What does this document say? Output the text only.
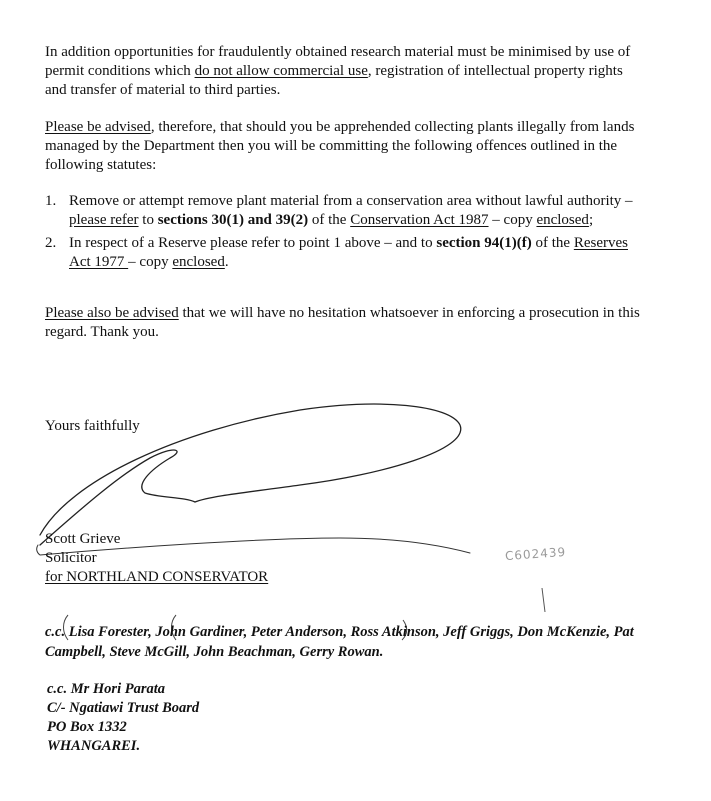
In addition opportunities for fraudulently obtained research material must be minimised by use of permit conditions which do not allow commercial use, registration of intellectual property rights and transfer of material to third parties.

Please be advised, therefore, that should you be apprehended collecting plants illegally from lands managed by the Department then you will be committing the following offences outlined in the following statutes:

1. Remove or attempt remove plant material from a conservation area without lawful authority – please refer to sections 30(1) and 39(2) of the Conservation Act 1987 – copy enclosed;
2. In respect of a Reserve please refer to point 1 above – and to section 94(1)(f) of the Reserves Act 1977 – copy enclosed.

Please also be advised that we will have no hesitation whatsoever in enforcing a prosecution in this regard. Thank you.

Yours faithfully
Scott Grieve
Solicitor
for NORTHLAND CONSERVATOR
C602439
c.c. Lisa Forester, John Gardiner, Peter Anderson, Ross Atkinson, Jeff Griggs, Don McKenzie, Pat Campbell, Steve McGill, John Beachman, Gerry Rowan.
c.c. Mr Hori Parata
C/- Ngatiawi Trust Board
PO Box 1332
WHANGAREI.
